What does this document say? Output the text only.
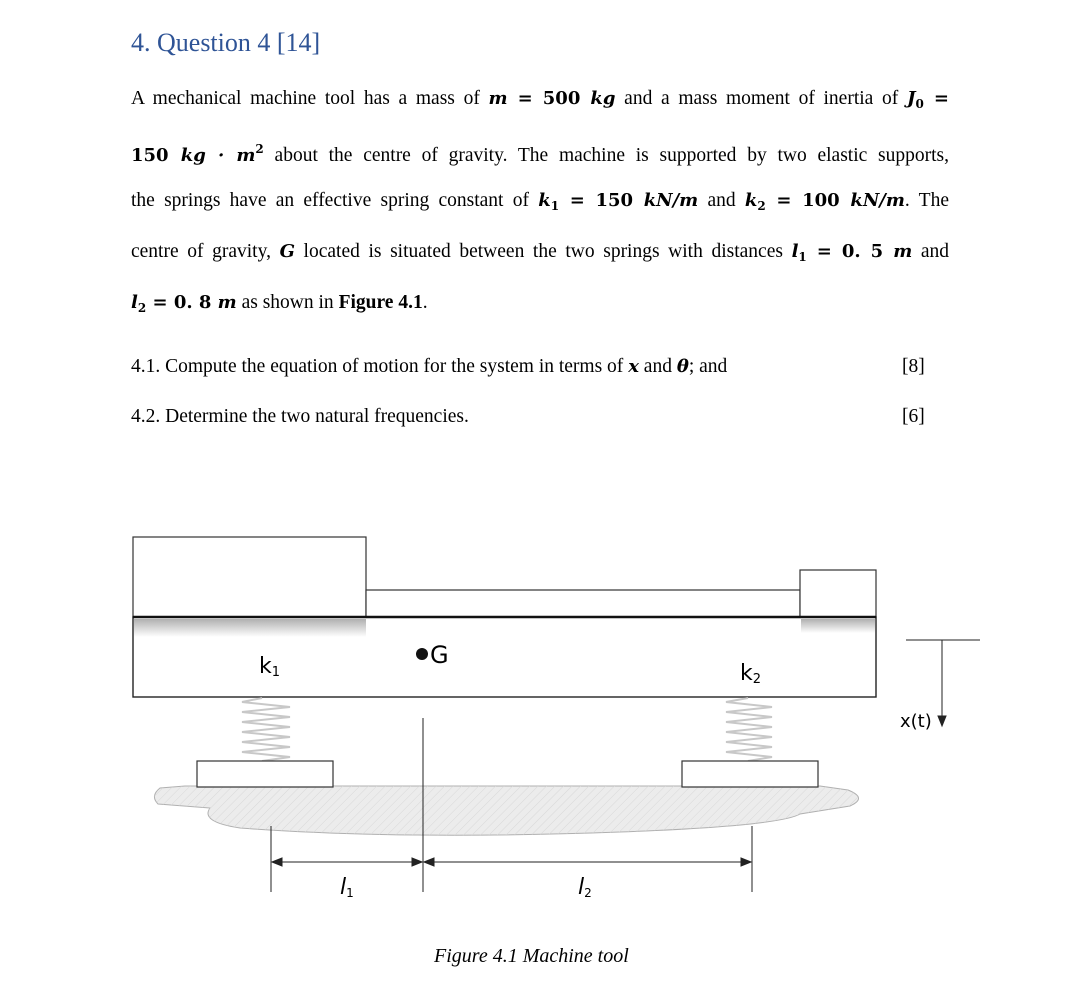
4. Question 4 [14]
A mechanical machine tool has a mass of m = 500 kg and a mass moment of inertia of $J_0$ =
150 kg · $m^2$ about the centre of gravity. The machine is supported by two elastic supports,
the springs have an effective spring constant of $k_1 = 150$ kN/m and $k_2 = 100$ kN/m. The
centre of gravity, G located is situated between the two springs with distances $l_1 = 0$. 5 m and
$l_2 = 0$. 8 m as shown in Figure 4.1.
4.1. Compute the equation of motion for the system in terms of x and θ; and	[8]
4.2. Determine the two natural frequencies.	[6]
G
k1	k2
x(t)
l1	l2
Figure 4.1 Machine tool
